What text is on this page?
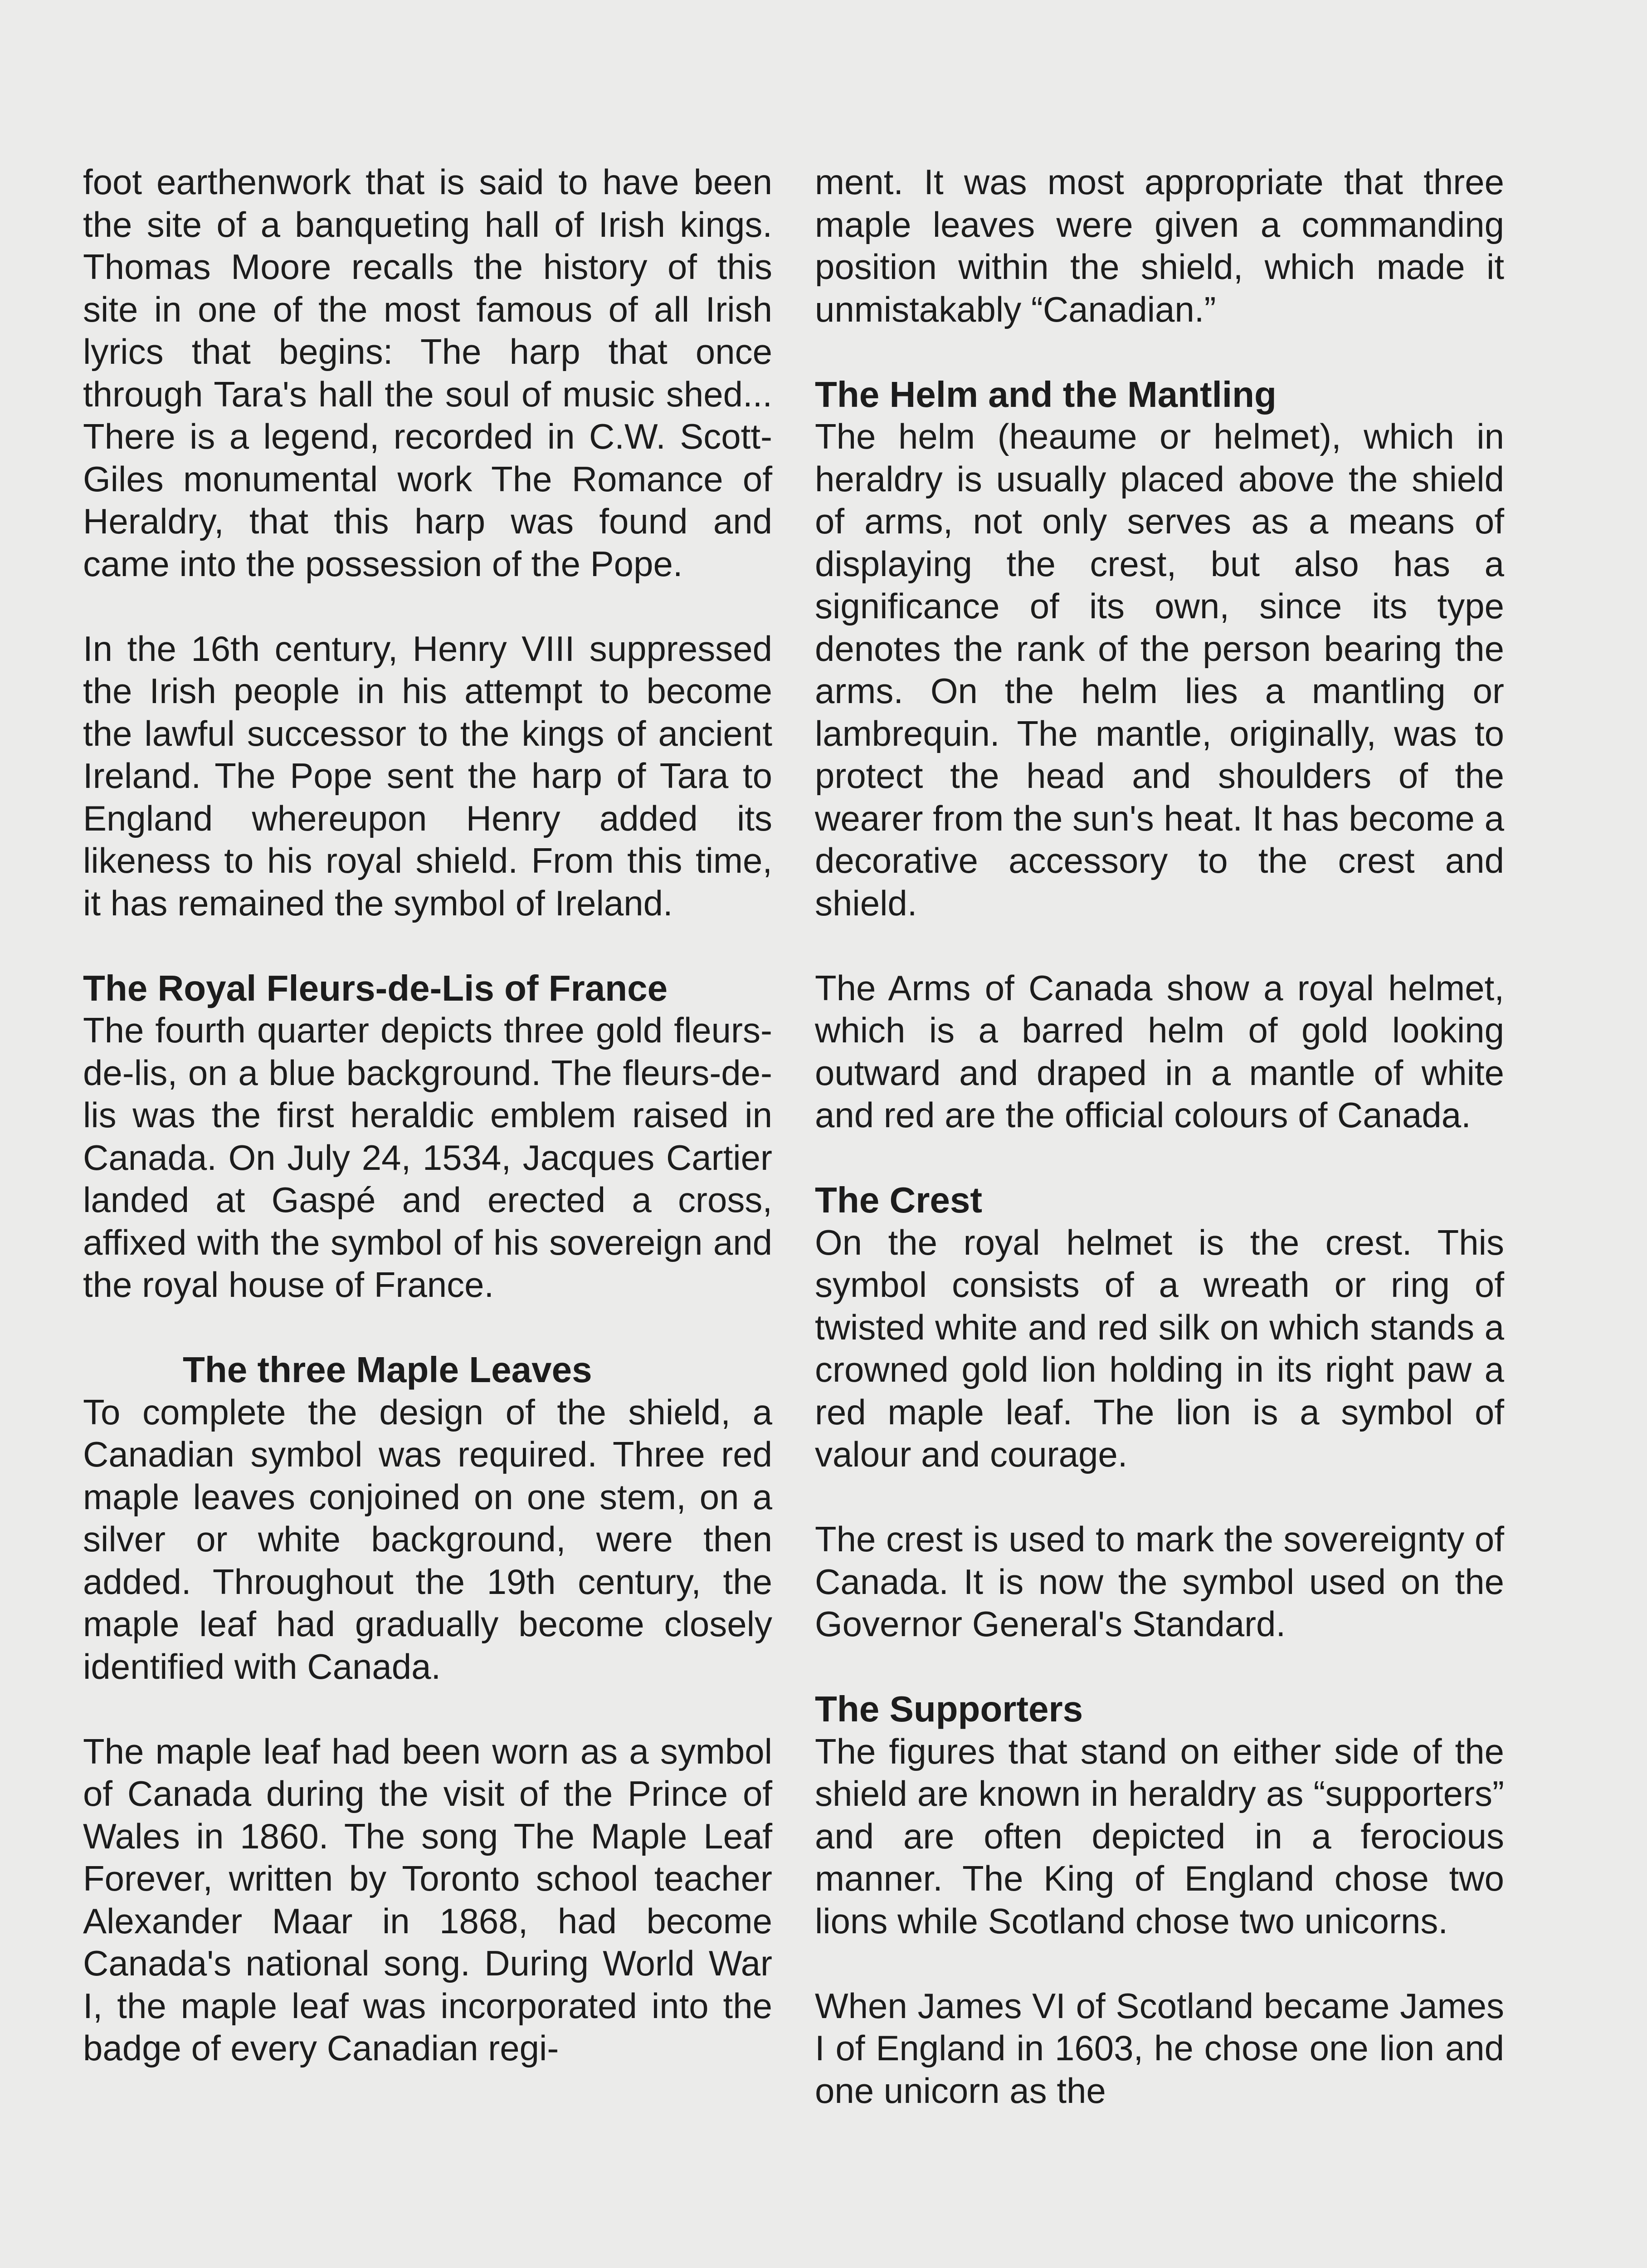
foot earthenwork that is said to have been the site of a banqueting hall of Irish kings. Thomas Moore recalls the history of this site in one of the most famous of all Irish lyrics that begins: The harp that once through Tara's hall the soul of music shed... There is a legend, recorded in C.W. Scott-Giles monumental work The Romance of Heraldry, that this harp was found and came into the possession of the Pope.

In the 16th century, Henry VIII suppressed the Irish people in his attempt to become the lawful successor to the kings of ancient Ireland. The Pope sent the harp of Tara to England whereupon Henry added its likeness to his royal shield. From this time, it has remained the symbol of Ireland.

The Royal Fleurs-de-Lis of France

The fourth quarter depicts three gold fleurs-de-lis, on a blue background. The fleurs-de-lis was the first heraldic emblem raised in Canada. On July 24, 1534, Jacques Cartier landed at Gaspé and erected a cross, affixed with the symbol of his sovereign and the royal house of France.

The three Maple Leaves

To complete the design of the shield, a Canadian symbol was required. Three red maple leaves conjoined on one stem, on a silver or white background, were then added. Throughout the 19th century, the maple leaf had gradually become closely identified with Canada.

The maple leaf had been worn as a symbol of Canada during the visit of the Prince of Wales in 1860. The song The Maple Leaf Forever, written by Toronto school teacher Alexander Maar in 1868, had become Canada's national song. During World War I, the maple leaf was incorporated into the badge of every Canadian regi-

ment. It was most appropriate that three maple leaves were given a commanding position within the shield, which made it unmistakably “Canadian.”

The Helm and the Mantling

The helm (heaume or helmet), which in heraldry is usually placed above the shield of arms, not only serves as a means of displaying the crest, but also has a significance of its own, since its type denotes the rank of the person bearing the arms. On the helm lies a mantling or lambrequin. The mantle, originally, was to protect the head and shoulders of the wearer from the sun's heat. It has become a decorative accessory to the crest and shield.

The Arms of Canada show a royal helmet, which is a barred helm of gold looking outward and draped in a mantle of white and red are the official colours of Canada.

The Crest

On the royal helmet is the crest. This symbol consists of a wreath or ring of twisted white and red silk on which stands a crowned gold lion holding in its right paw a red maple leaf. The lion is a symbol of valour and courage.

The crest is used to mark the sovereignty of Canada. It is now the symbol used on the Governor General's Standard.

The Supporters

The figures that stand on either side of the shield are known in heraldry as “supporters” and are often depicted in a ferocious manner. The King of England chose two lions while Scotland chose two unicorns.

When James VI of Scotland became James I of England in 1603, he chose one lion and one unicorn as the
